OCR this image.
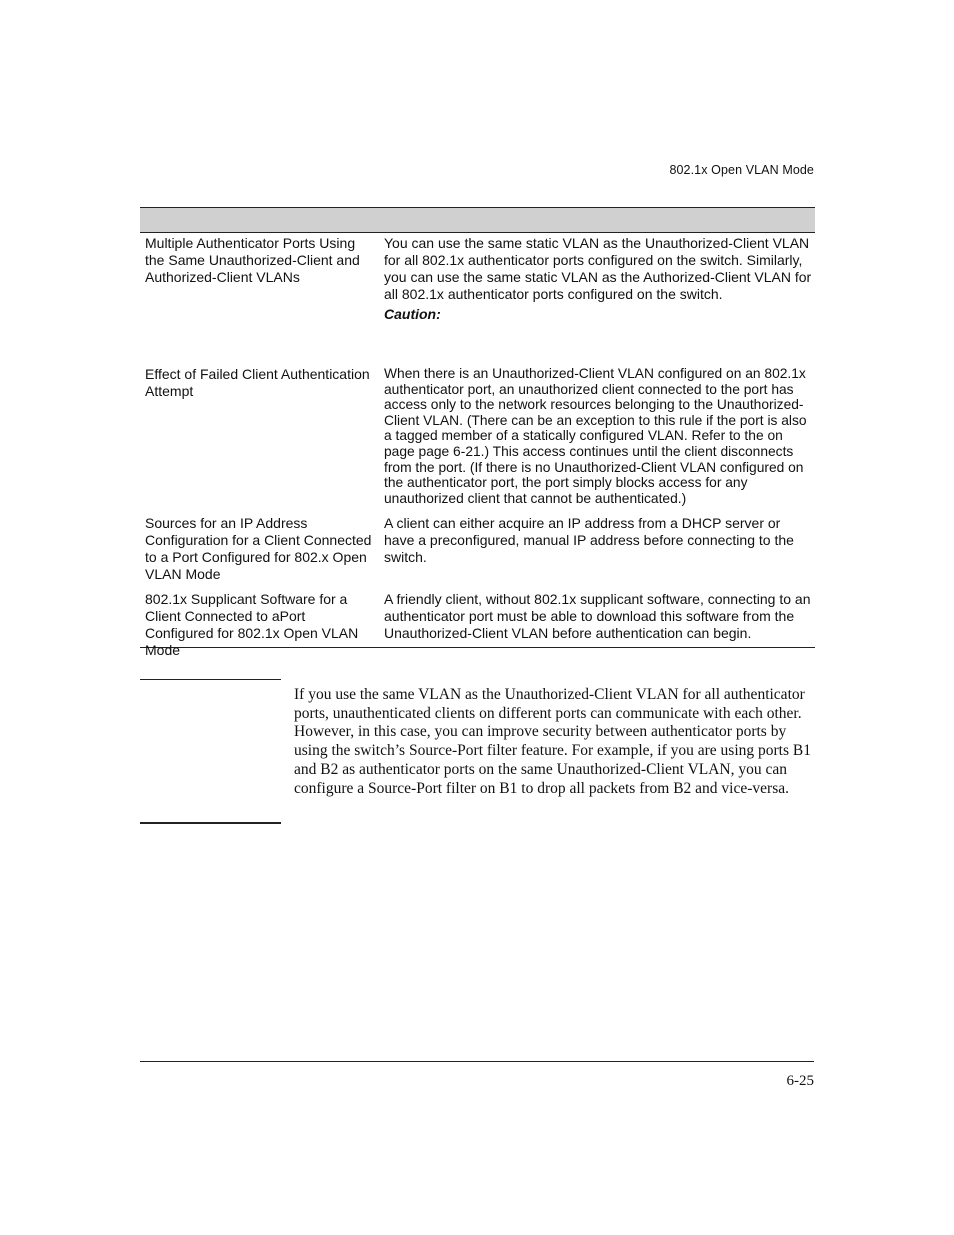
802.1x Open VLAN Mode
Multiple Authenticator Ports Using the Same Unauthorized-Client and Authorized-Client VLANs
You can use the same static VLAN as the Unauthorized-Client VLAN for all 802.1x authenticator ports configured on the switch. Similarly, you can use the same static VLAN as the Authorized-Client VLAN for all 802.1x authenticator ports configured on the switch.
Caution:
Effect of Failed Client Authentication Attempt
When there is an Unauthorized-Client VLAN configured on an 802.1x authenticator port, an unauthorized client connected to the port has access only to the network resources belonging to the Unauthorized-Client VLAN. (There can be an exception to this rule if the port is also a tagged member of a statically configured VLAN. Refer to the on page page 6-21.) This access continues until the client disconnects from the port. (If there is no Unauthorized-Client VLAN configured on the authenticator port, the port simply blocks access for any unauthorized client that cannot be authenticated.)
Sources for an IP Address Configuration for a Client Connected to a Port Configured for 802.x Open VLAN Mode
A client can either acquire an IP address from a DHCP server or have a preconfigured, manual IP address before connecting to the switch.
802.1x Supplicant Software for a Client Connected to aPort Configured for 802.1x Open VLAN Mode
A friendly client, without 802.1x supplicant software, connecting to an authenticator port must be able to download this software from the Unauthorized-Client VLAN before authentication can begin.
If you use the same VLAN as the Unauthorized-Client VLAN for all authenticator ports, unauthenticated clients on different ports can communicate with each other. However, in this case, you can improve security between authenticator ports by using the switch’s Source-Port filter feature. For example, if you are using ports B1 and B2 as authenticator ports on the same Unauthorized-Client VLAN, you can configure a Source-Port filter on B1 to drop all packets from B2 and vice-versa.
6-25
